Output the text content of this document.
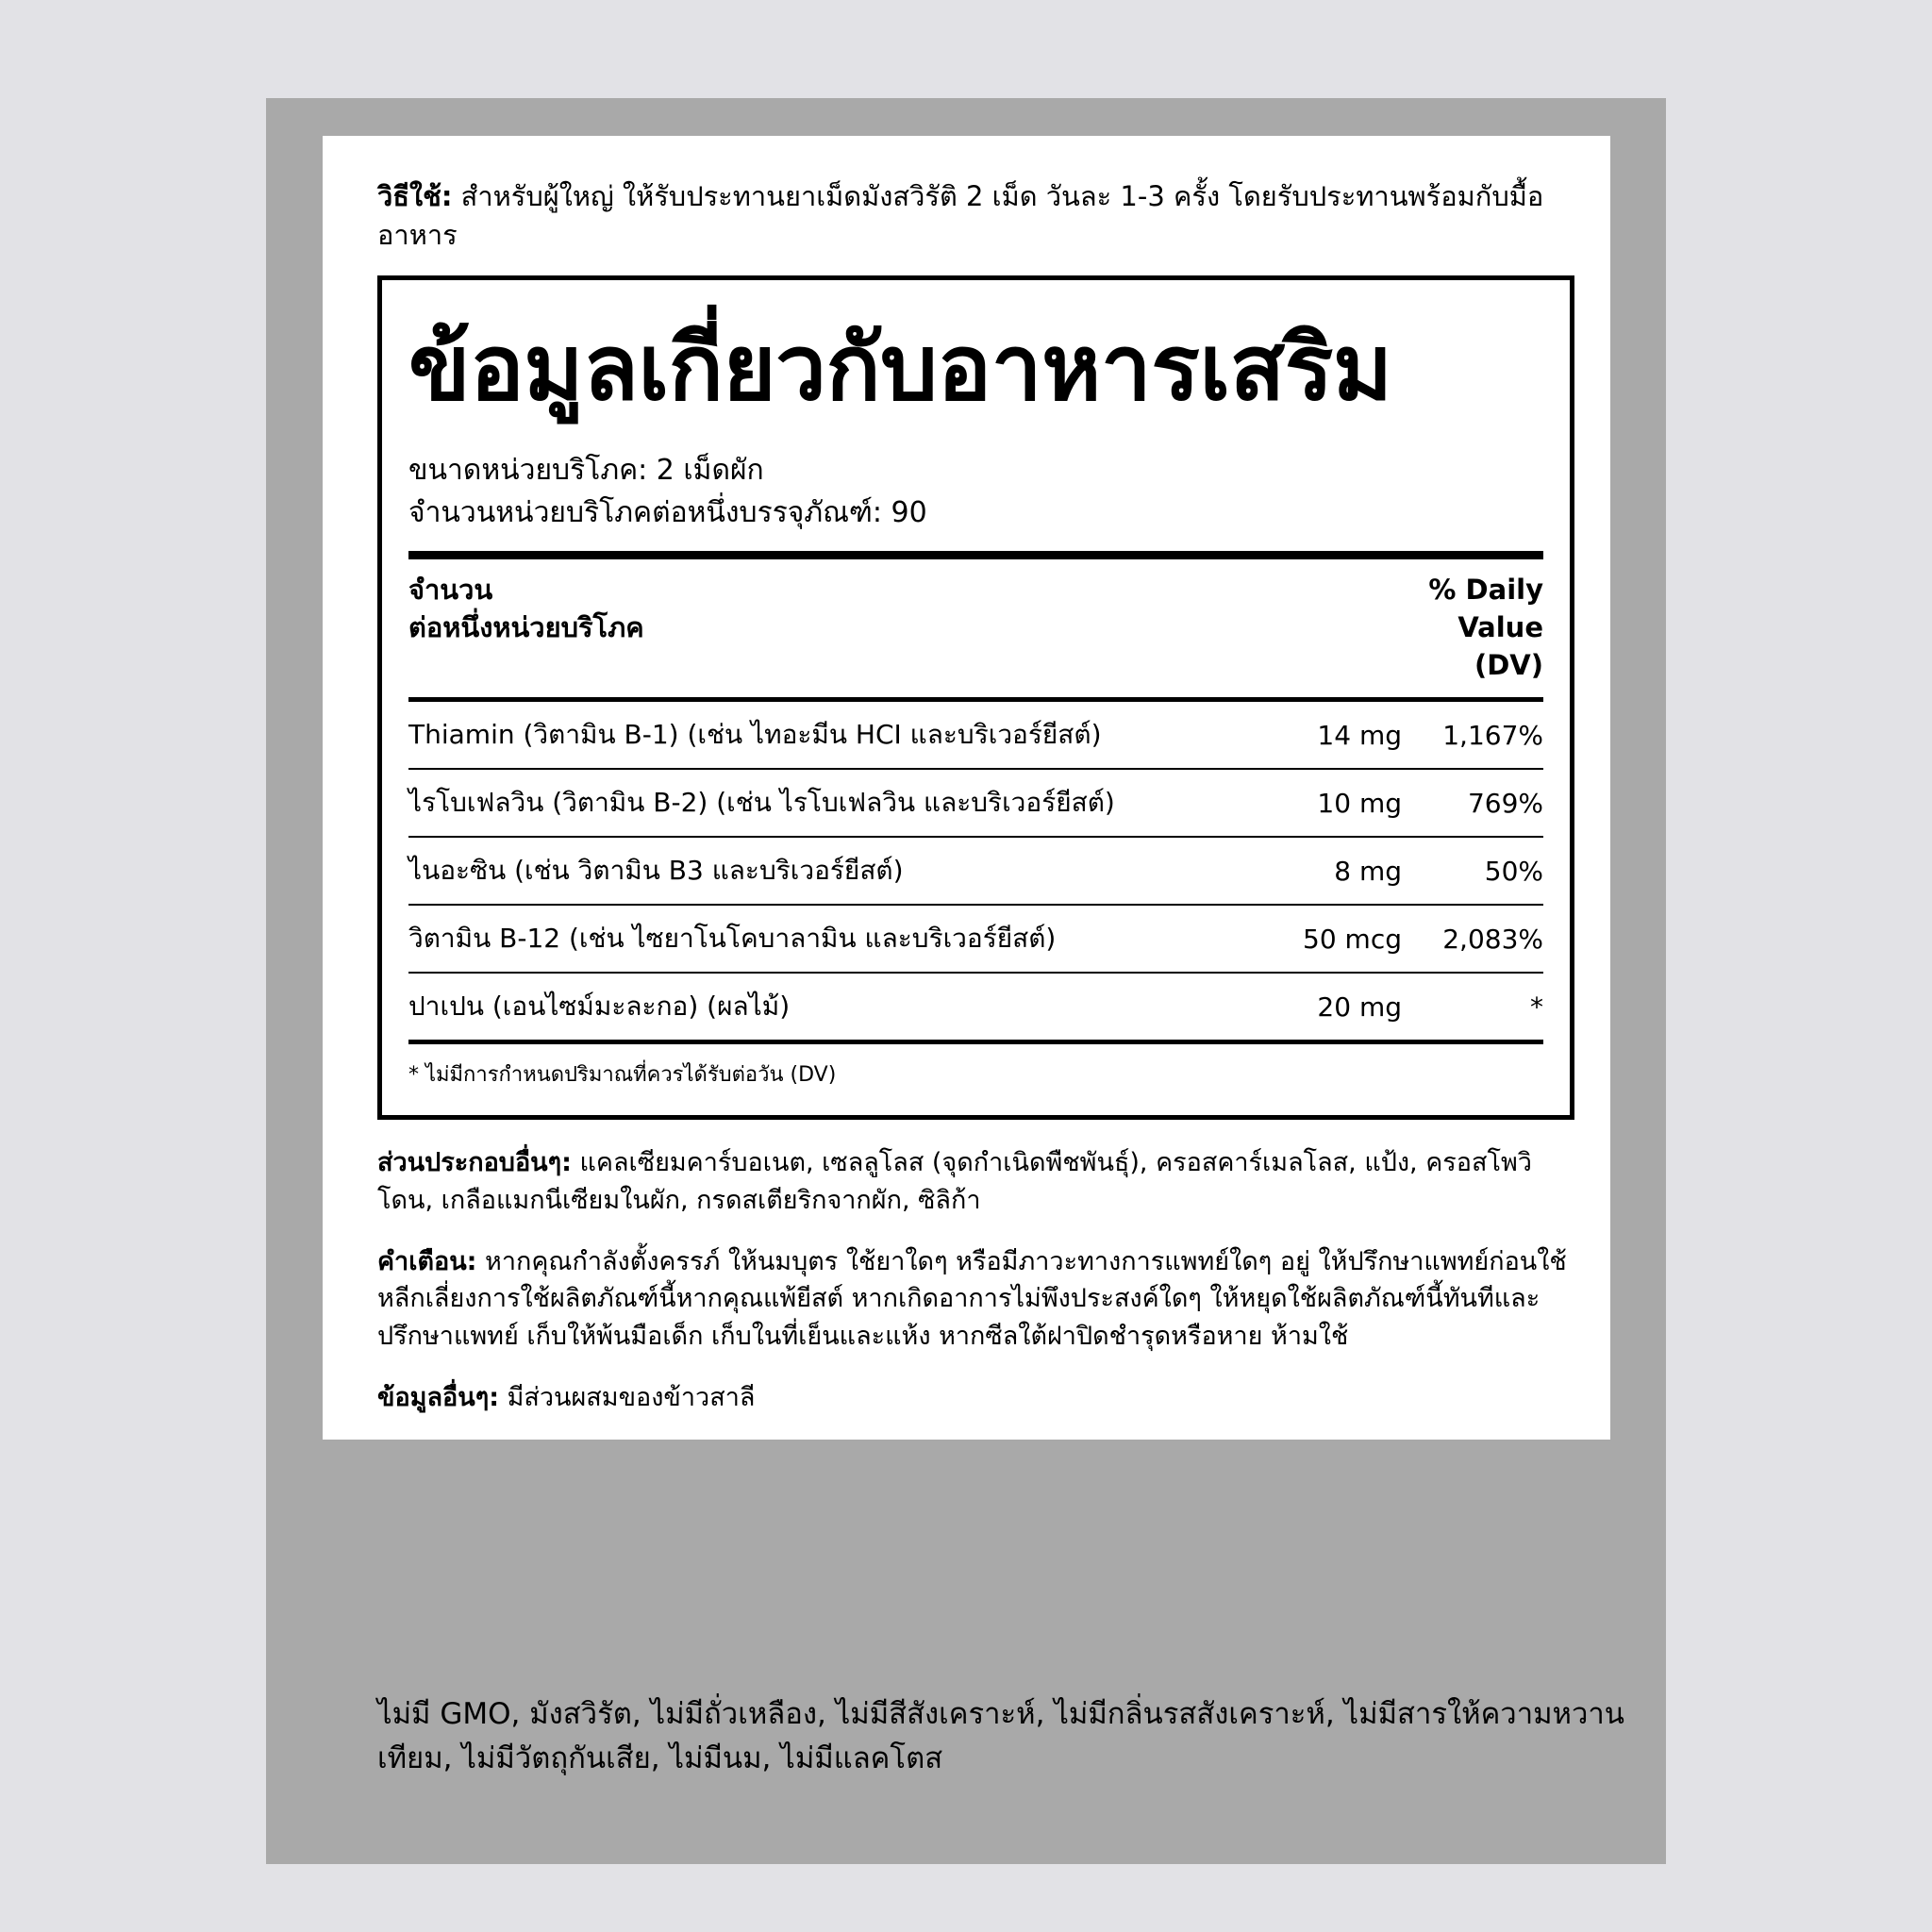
วิธีใช้: สำหรับผู้ใหญ่ ให้รับประทานยาเม็ดมังสวิรัติ 2 เม็ด วันละ 1-3 ครั้ง โดยรับประทานพร้อมกับมื้ออาหาร
ข้อมูลเกี่ยวกับอาหารเสริม
ขนาดหน่วยบริโภค: 2 เม็ดผัก
จำนวนหน่วยบริโภคต่อหนึ่งบรรจุภัณฑ์: 90
จำนวน
ต่อหนึ่งหน่วยบริโภค
% Daily
Value
(DV)
Thiamin (วิตามิน B-1) (เช่น ไทอะมีน HCI และบริเวอร์ยีสต์)	14 mg	1,167%
ไรโบเฟลวิน (วิตามิน B-2) (เช่น ไรโบเฟลวิน และบริเวอร์ยีสต์)	10 mg	769%
ไนอะซิน (เช่น วิตามิน B3 และบริเวอร์ยีสต์)	8 mg	50%
วิตามิน B-12 (เช่น ไซยาโนโคบาลามิน และบริเวอร์ยีสต์)	50 mcg	2,083%
ปาเปน (เอนไซม์มะละกอ) (ผลไม้)	20 mg	*
* ไม่มีการกำหนดปริมาณที่ควรได้รับต่อวัน (DV)

ส่วนประกอบอื่นๆ: แคลเซียมคาร์บอเนต, เซลลูโลส (จุดกำเนิดพืชพันธุ์), ครอสคาร์เมลโลส, แป้ง, ครอสโพวิโดน, เกลือแมกนีเซียมในผัก, กรดสเตียริกจากผัก, ซิลิก้า

คำเตือน: หากคุณกำลังตั้งครรภ์ ให้นมบุตร ใช้ยาใดๆ หรือมีภาวะทางการแพทย์ใดๆ อยู่ ให้ปรึกษาแพทย์ก่อนใช้ หลีกเลี่ยงการใช้ผลิตภัณฑ์นี้หากคุณแพ้ยีสต์ หากเกิดอาการไม่พึงประสงค์ใดๆ ให้หยุดใช้ผลิตภัณฑ์นี้ทันทีและปรึกษาแพทย์ เก็บให้พ้นมือเด็ก เก็บในที่เย็นและแห้ง หากซีลใต้ฝาปิดชำรุดหรือหาย ห้ามใช้

ข้อมูลอื่นๆ: มีส่วนผสมของข้าวสาลี

ไม่มี GMO, มังสวิรัต, ไม่มีถั่วเหลือง, ไม่มีสีสังเคราะห์, ไม่มีกลิ่นรสสังเคราะห์, ไม่มีสารให้ความหวานเทียม, ไม่มีวัตถุกันเสีย, ไม่มีนม, ไม่มีแลคโตส
